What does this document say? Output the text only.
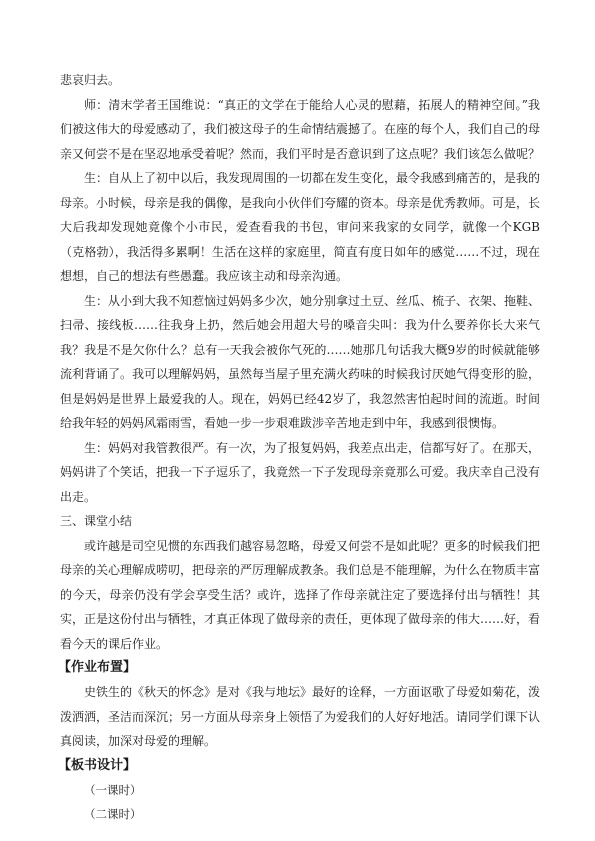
悲哀归去。

师：清末学者王国维说：“真正的文学在于能给人心灵的慰藉，拓展人的精神空间。”我们被这伟大的母爱感动了，我们被这母子的生命情结震撼了。在座的每个人，我们自己的母亲又何尝不是在坚忍地承受着呢？然而，我们平时是否意识到了这点呢？我们该怎么做呢？

生：自从上了初中以后，我发现周围的一切都在发生变化，最令我感到痛苦的，是我的母亲。小时候，母亲是我的偶像，是我向小伙伴们夸耀的资本。母亲是优秀教师。可是，长大后我却发现她竟像个小市民，爱查看我的书包，审问来我家的女同学，就像一个KGB（克格勃），我活得多累啊！生活在这样的家庭里，简直有度日如年的感觉……不过，现在想想，自己的想法有些愚蠢。我应该主动和母亲沟通。

生：从小到大我不知惹恼过妈妈多少次，她分别拿过土豆、丝瓜、梳子、衣架、拖鞋、扫帚、接线板……往我身上扔，然后她会用超大号的嗓音尖叫：我为什么要养你长大来气我？我是不是欠你什么？总有一天我会被你气死的……她那几句话我大概9岁的时候就能够流利背诵了。我可以理解妈妈，虽然每当屋子里充满火药味的时候我讨厌她气得变形的脸，但是妈妈是世界上最爱我的人。现在，妈妈已经42岁了，我忽然害怕起时间的流逝。时间给我年轻的妈妈风霜雨雪，看她一步一步艰难跋涉辛苦地走到中年，我感到很懊悔。

生：妈妈对我管教很严。有一次，为了报复妈妈，我差点出走，信都写好了。在那天，妈妈讲了个笑话，把我一下子逗乐了，我竟然一下子发现母亲竟那么可爱。我庆幸自己没有出走。

三、课堂小结

或许越是司空见惯的东西我们越容易忽略，母爱又何尝不是如此呢？更多的时候我们把母亲的关心理解成唠叨，把母亲的严厉理解成教条。我们总是不能理解，为什么在物质丰富的今天，母亲仍没有学会享受生活？或许，选择了作母亲就注定了要选择付出与牺牲！其实，正是这份付出与牺牲，才真正体现了做母亲的责任，更体现了做母亲的伟大……好，看看今天的课后作业。

【作业布置】

史铁生的《秋天的怀念》是对《我与地坛》最好的诠释，一方面讴歌了母爱如菊花，泼泼洒洒，圣洁而深沉；另一方面从母亲身上领悟了为爱我们的人好好地活。请同学们课下认真阅读，加深对母爱的理解。

【板书设计】

（一课时）

（二课时）
